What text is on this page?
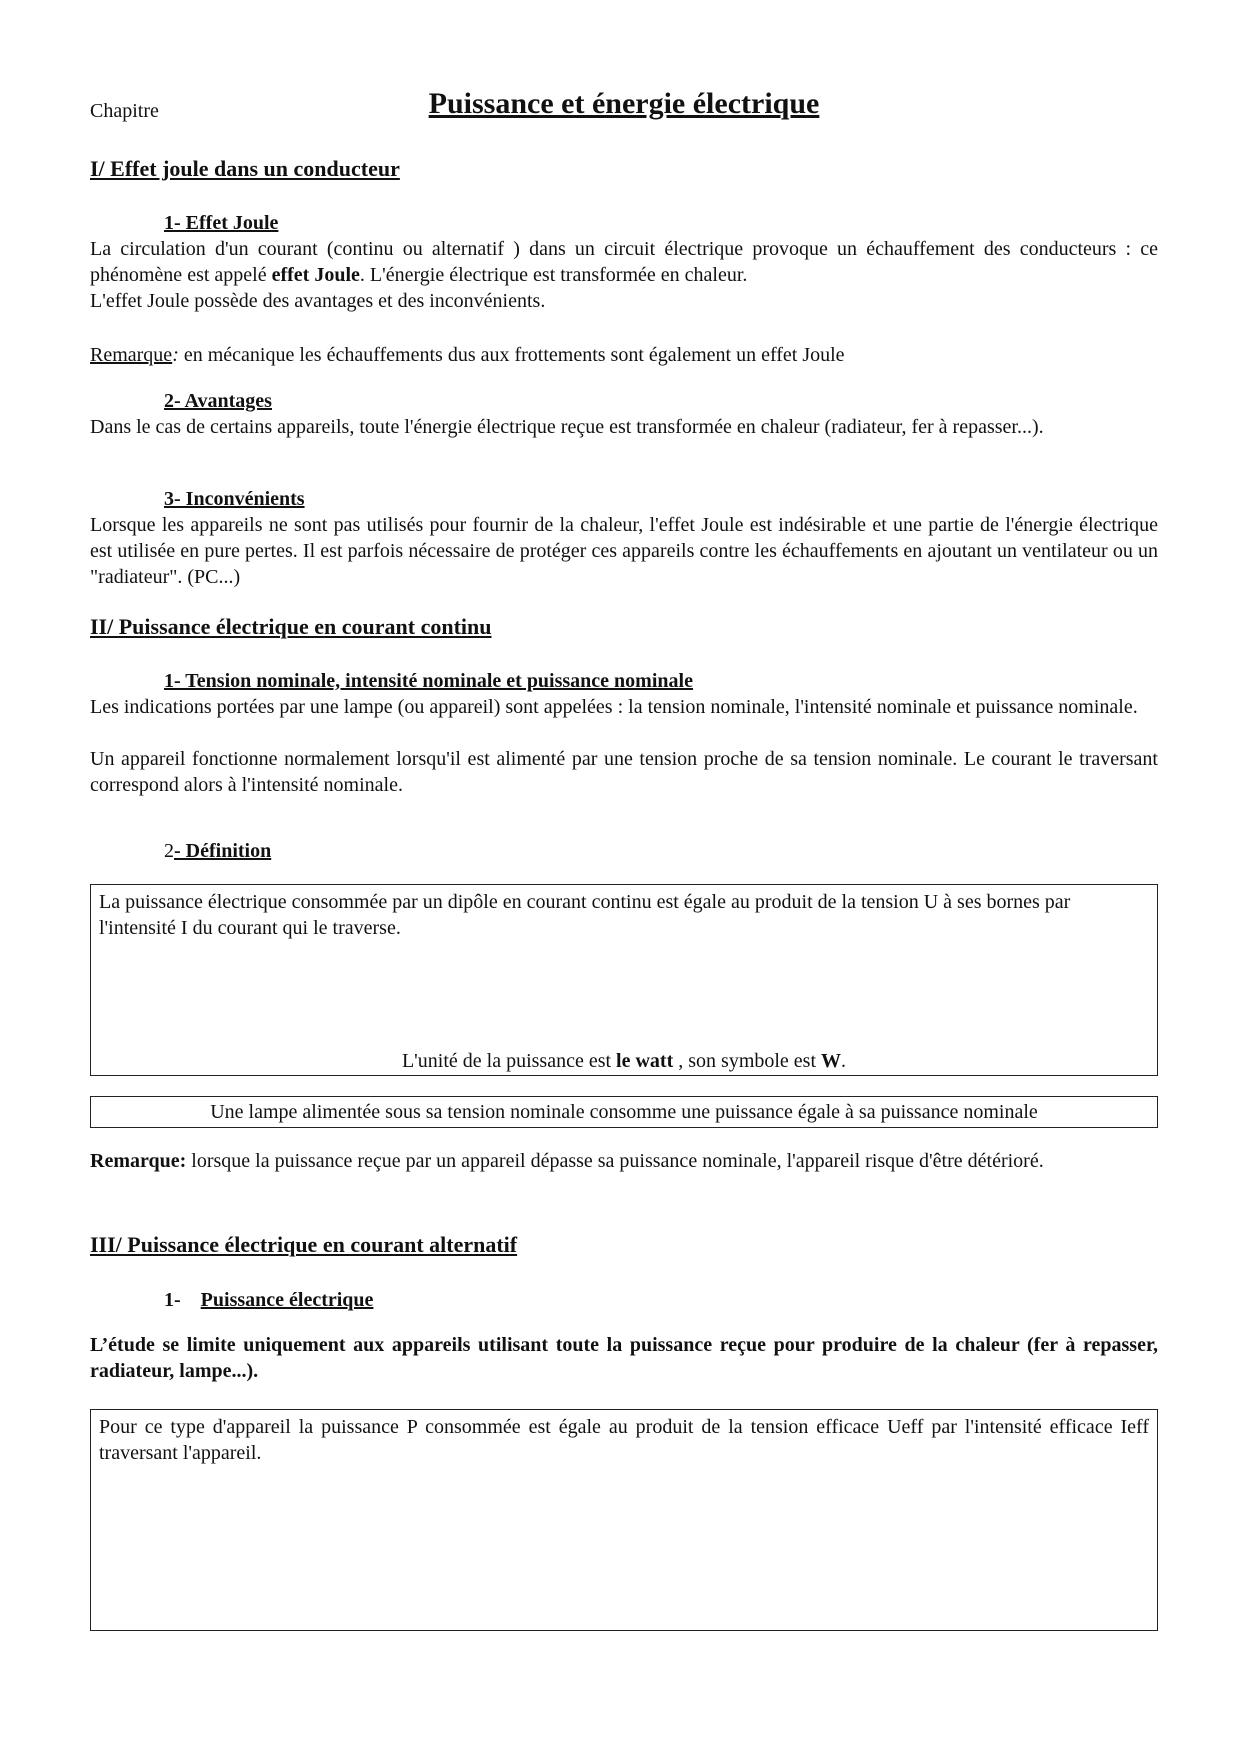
Chapitre	Puissance et énergie électrique
I/ Effet joule dans un conducteur
1- Effet Joule

La circulation d'un courant (continu ou alternatif ) dans un circuit électrique provoque un échauffement des conducteurs : ce phénomène est appelé effet Joule. L'énergie électrique est transformée en chaleur.

L'effet Joule possède des avantages et des inconvénients.

Remarque: en mécanique les échauffements dus aux frottements sont également un effet Joule

2- Avantages

Dans le cas de certains appareils, toute l'énergie électrique reçue est transformée en chaleur (radiateur, fer à repasser...).

3- Inconvénients

Lorsque les appareils ne sont pas utilisés pour fournir de la chaleur, l'effet Joule est indésirable et une partie de l'énergie électrique est utilisée en pure pertes. Il est parfois nécessaire de protéger ces appareils contre les échauffements en ajoutant un ventilateur ou un "radiateur". (PC...)

II/ Puissance électrique en courant continu
1- Tension nominale, intensité nominale et puissance nominale

Les indications portées par une lampe (ou appareil) sont appelées : la tension nominale, l'intensité nominale et puissance nominale.

Un appareil fonctionne normalement lorsqu'il est alimenté par une tension proche de sa tension nominale. Le courant le traversant correspond alors à l'intensité nominale.

2- Définition

La puissance électrique consommée par un dipôle en courant continu est égale au produit de la tension U à ses bornes par l'intensité I du courant qui le traverse.

L'unité de la puissance est le watt , son symbole est W.

Une lampe alimentée sous sa tension nominale consomme une puissance égale à sa puissance nominale

Remarque: lorsque la puissance reçue par un appareil dépasse sa puissance nominale, l'appareil risque d'être détérioré.

III/ Puissance électrique en courant alternatif
1- Puissance électrique

L’étude se limite uniquement aux appareils utilisant toute la puissance reçue pour produire de la chaleur (fer à repasser, radiateur, lampe...).

Pour ce type d'appareil la puissance P consommée est égale au produit de la tension efficace Ueff par l'intensité efficace Ieff traversant l'appareil.
